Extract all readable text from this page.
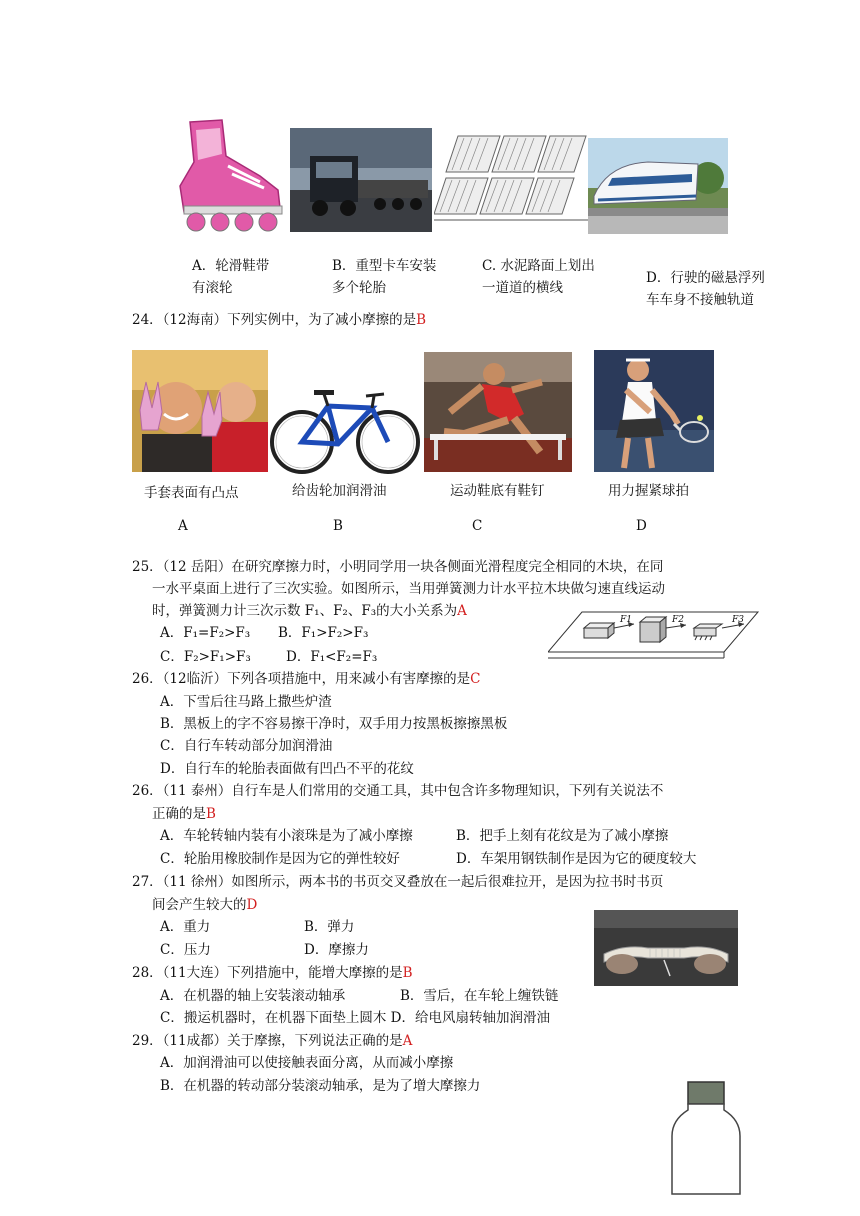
A．轮滑鞋带
有滚轮
B．重型卡车安装
多个轮胎
C. 水泥路面上划出
一道道的横线
D．行驶的磁悬浮列
车车身不接触轨道
24．（12海南）下列实例中，为了减小摩擦的是B
手套表面有凸点	给齿轮加润滑油	运动鞋底有鞋钉	用力握紧球拍
A	B	C	D
25．（12 岳阳）在研究摩擦力时，小明同学用一块各侧面光滑程度完全相同的木块，在同
一水平桌面上进行了三次实验。如图所示，当用弹簧测力计水平拉木块做匀速直线运动
时，弹簧测力计三次示数 F₁、F₂、F₃的大小关系为A
A．F₁=F₂>F₃ B．F₁>F₂>F₃
C．F₂>F₁>F₃	D．F₁<F₂=F₃
F1	F2	F3
26．（12临沂）下列各项措施中，用来减小有害摩擦的是C
A．下雪后往马路上撒些炉渣
B．黑板上的字不容易擦干净时，双手用力按黑板擦擦黑板
C．自行车转动部分加润滑油
D．自行车的轮胎表面做有凹凸不平的花纹
26．（11 泰州）自行车是人们常用的交通工具，其中包含许多物理知识，下列有关说法不
正确的是B
A．车轮转轴内装有小滚珠是为了减小摩擦	B．把手上刻有花纹是为了减小摩擦
C．轮胎用橡胶制作是因为它的弹性较好	D．车架用钢铁制作是因为它的硬度较大
27．（11 徐州）如图所示，两本书的书页交叉叠放在一起后很难拉开，是因为拉书时书页
间会产生较大的D
A．重力	B．弹力
C．压力	D．摩擦力
28．（11大连）下列措施中，能增大摩擦的是B
A．在机器的轴上安装滚动轴承	B．雪后，在车轮上缠铁链
C．搬运机器时，在机器下面垫上圆木 D．给电风扇转轴加润滑油
29．（11成都）关于摩擦，下列说法正确的是A
A．加润滑油可以使接触表面分离，从而减小摩擦
B．在机器的转动部分装滚动轴承，是为了增大摩擦力
